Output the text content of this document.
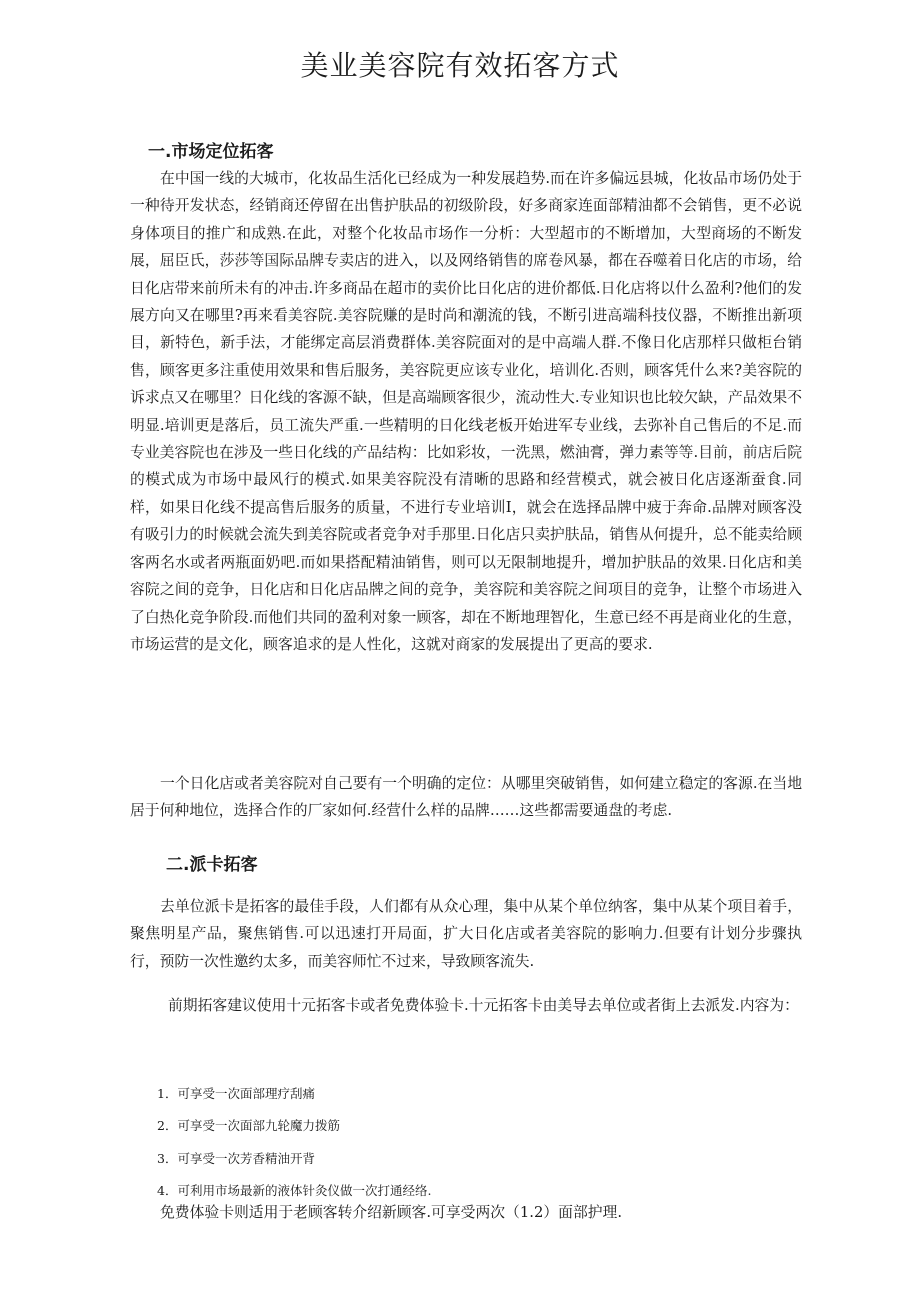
美业美容院有效拓客方式
一.市场定位拓客

在中国一线的大城市，化妆品生活化已经成为一种发展趋势.而在许多偏远县城，化妆品市场仍处于一种待开发状态，经销商还停留在出售护肤品的初级阶段，好多商家连面部精油都不会销售，更不必说身体项目的推广和成熟.在此，对整个化妆品市场作一分析：大型超市的不断增加，大型商场的不断发展，屈臣氏，莎莎等国际品牌专卖店的进入，以及网络销售的席卷风暴，都在吞噬着日化店的市场，给日化店带来前所未有的冲击.许多商品在超市的卖价比日化店的进价都低.日化店将以什么盈利?他们的发展方向又在哪里?再来看美容院.美容院赚的是时尚和潮流的钱，不断引进高端科技仪器，不断推出新项目，新特色，新手法，才能绑定高层消费群体.美容院面对的是中高端人群.不像日化店那样只做柜台销售，顾客更多注重使用效果和售后服务，美容院更应该专业化，培训化.否则，顾客凭什么来?美容院的诉求点又在哪里？日化线的客源不缺，但是高端顾客很少，流动性大.专业知识也比较欠缺，产品效果不明显.培训更是落后，员工流失严重.一些精明的日化线老板开始进军专业线，去弥补自己售后的不足.而专业美容院也在涉及一些日化线的产品结构：比如彩妆，一洗黑，燃油膏，弹力素等等.目前，前店后院的模式成为市场中最风行的模式.如果美容院没有清晰的思路和经营模式，就会被日化店逐渐蚕食.同样，如果日化线不提高售后服务的质量，不进行专业培训I，就会在选择品牌中疲于奔命.品牌对顾客没有吸引力的时候就会流失到美容院或者竞争对手那里.日化店只卖护肤品，销售从何提升，总不能卖给顾客两名水或者两瓶面奶吧.而如果搭配精油销售，则可以无限制地提升，增加护肤品的效果.日化店和美容院之间的竞争，日化店和日化店品牌之间的竞争，美容院和美容院之间项目的竞争，让整个市场进入了白热化竞争阶段.而他们共同的盈利对象一顾客，却在不断地理智化，生意已经不再是商业化的生意，市场运营的是文化，顾客追求的是人性化，这就对商家的发展提出了更高的要求.

一个日化店或者美容院对自己要有一个明确的定位：从哪里突破销售，如何建立稳定的客源.在当地居于何种地位，选择合作的厂家如何.经营什么样的品牌……这些都需要通盘的考虑.

二.派卡拓客

去单位派卡是拓客的最佳手段，人们都有从众心理，集中从某个单位纳客，集中从某个项目着手，聚焦明星产品，聚焦销售.可以迅速打开局面，扩大日化店或者美容院的影响力.但要有计划分步骤执行，预防一次性邀约太多，而美容师忙不过来，导致顾客流失.

前期拓客建议使用十元拓客卡或者免费体验卡.十元拓客卡由美导去单位或者街上去派发.内容为：

1．可享受一次面部理疗刮痛
2．可享受一次面部九轮魔力拨筋
3．可享受一次芳香精油开背
4．可利用市场最新的液体针灸仪做一次打通经络.

免费体验卡则适用于老顾客转介绍新顾客.可享受两次（1.2）面部护理.
